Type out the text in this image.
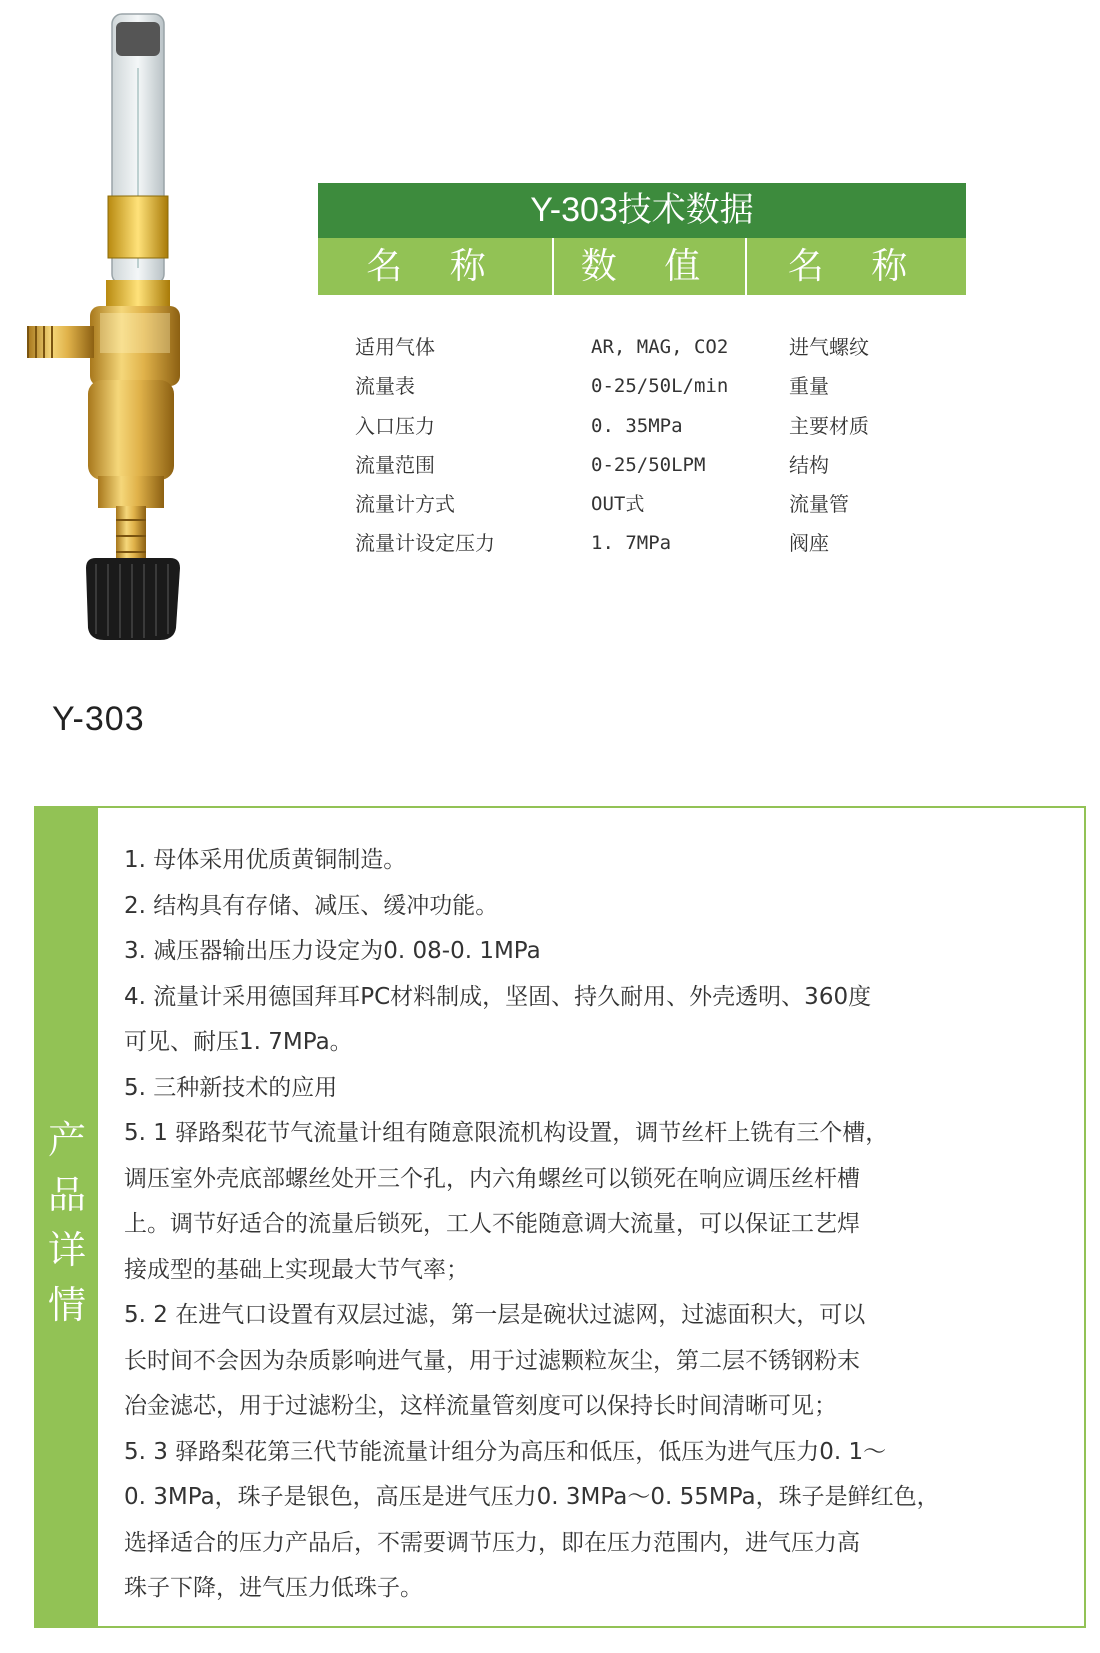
Y-303
Y-303技术数据
名 称	数 值	名 称
适用气体	AR, MAG, CO2	进气螺纹
流量表	0-25/50L/min	重量
入口压力	0. 35MPa	主要材质
流量范围	0-25/50LPM	结构
流量计方式	OUT式	流量管
流量计设定压力	1. 7MPa	阀座
产
品
详
情

1. 母体采用优质黄铜制造。

2. 结构具有存储、减压、缓冲功能。

3. 减压器输出压力设定为0. 08-0. 1MPa

4. 流量计采用德国拜耳PC材料制成，坚固、持久耐用、外壳透明、360度

可见、耐压1. 7MPa。

5. 三种新技术的应用

5. 1 驿路梨花节气流量计组有随意限流机构设置，调节丝杆上铣有三个槽，

调压室外壳底部螺丝处开三个孔，内六角螺丝可以锁死在响应调压丝杆槽

上。调节好适合的流量后锁死，工人不能随意调大流量，可以保证工艺焊

接成型的基础上实现最大节气率；

5. 2 在进气口设置有双层过滤，第一层是碗状过滤网，过滤面积大，可以

长时间不会因为杂质影响进气量，用于过滤颗粒灰尘，第二层不锈钢粉末

冶金滤芯，用于过滤粉尘，这样流量管刻度可以保持长时间清晰可见；

5. 3 驿路梨花第三代节能流量计组分为高压和低压，低压为进气压力0. 1～

0. 3MPa，珠子是银色，高压是进气压力0. 3MPa～0. 55MPa，珠子是鲜红色，

选择适合的压力产品后，不需要调节压力，即在压力范围内，进气压力高

珠子下降，进气压力低珠子。
